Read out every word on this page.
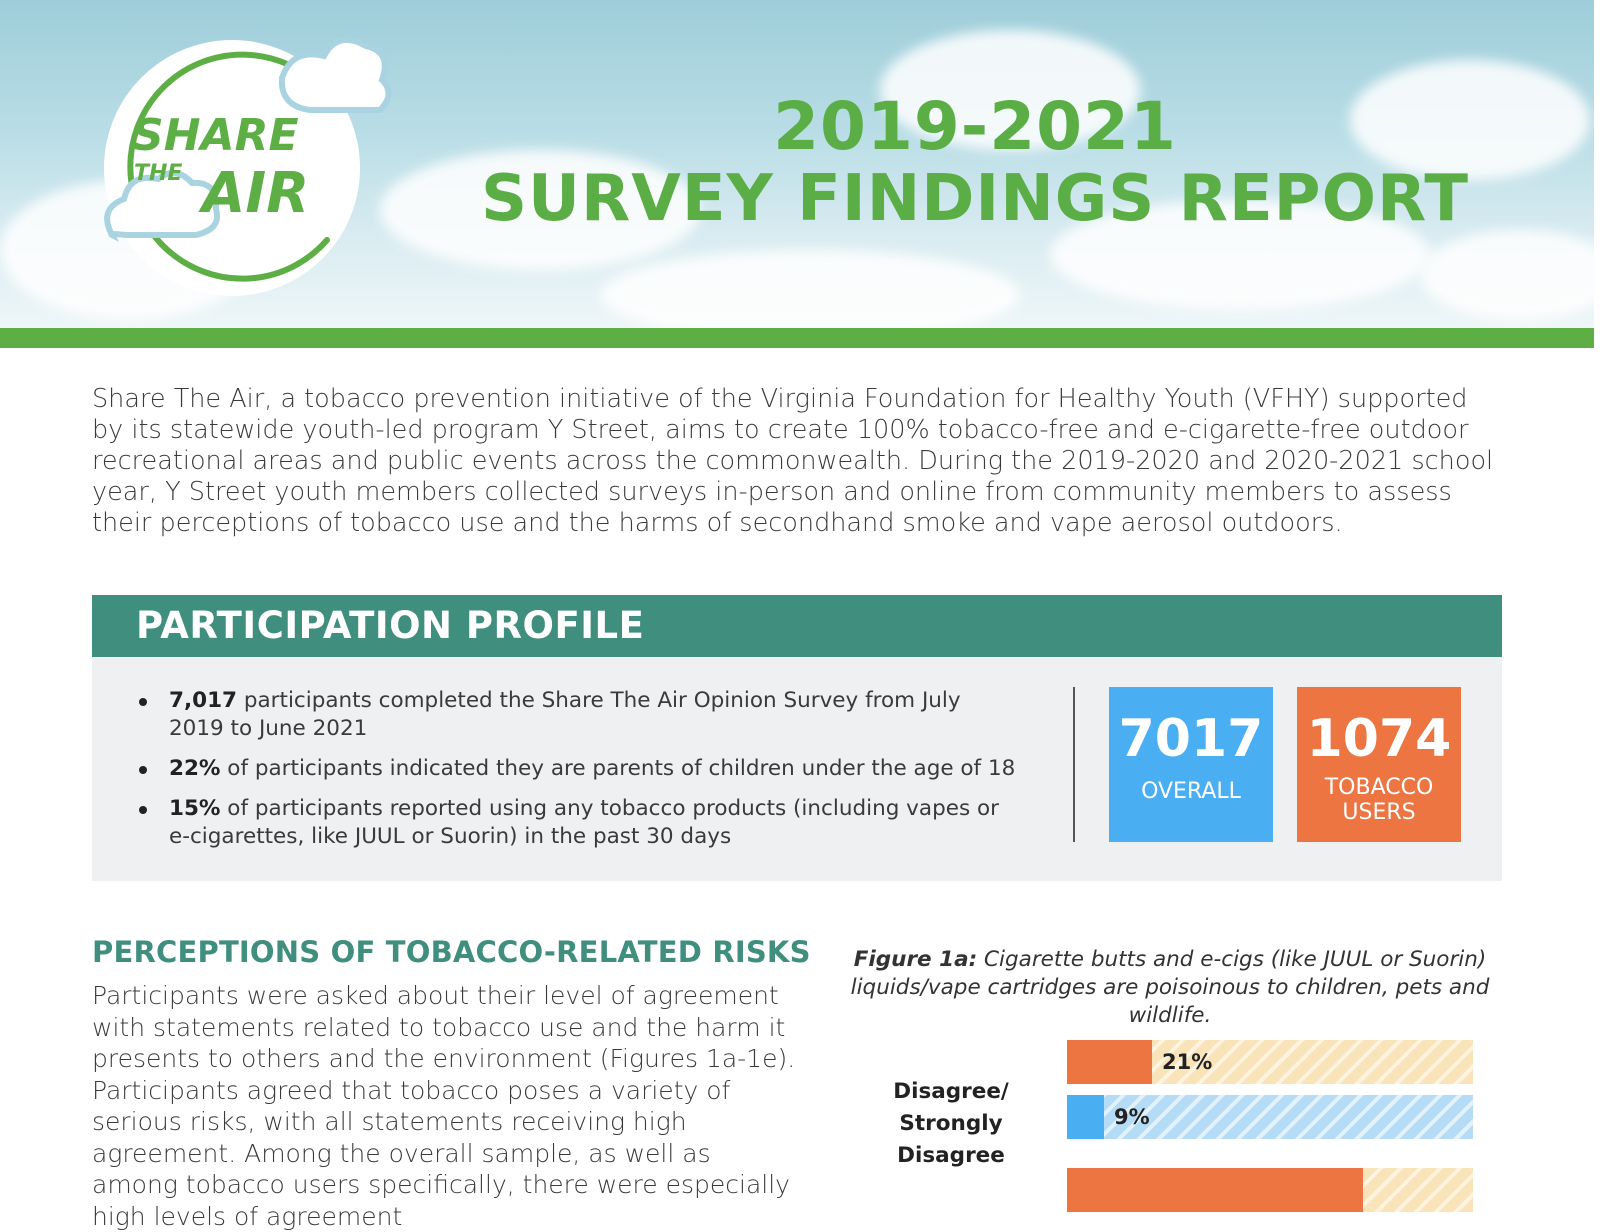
SHARE
THE AIR
2019-2021
SURVEY FINDINGS REPORT

Share The Air, a tobacco prevention initiative of the Virginia Foundation for Healthy Youth (VFHY) supported by its statewide youth-led program Y Street, aims to create 100% tobacco-free and e-cigarette-free outdoor recreational areas and public events across the commonwealth. During the 2019-2020 and 2020-2021 school year, Y Street youth members collected surveys in-person and online from community members to assess their perceptions of tobacco use and the harms of secondhand smoke and vape aerosol outdoors.

PARTICIPATION PROFILE
7,017 participants completed the Share The Air Opinion Survey from July 2019 to June 2021
22% of participants indicated they are parents of children under the age of 18
15% of participants reported using any tobacco products (including vapes or e-cigarettes, like JUUL or Suorin) in the past 30 days
7017
OVERALL
1074
TOBACCO
USERS
PERCEPTIONS OF TOBACCO-RELATED RISKS

Participants were asked about their level of agreement with statements related to tobacco use and the harm it presents to others and the environment (Figures 1a-1e). Participants agreed that tobacco poses a variety of serious risks, with all statements receiving high agreement. Among the overall sample, as well as among tobacco users specifically, there were especially high levels of agreement

Figure 1a: Cigarette butts and e-cigs (like JUUL or Suorin) liquids/vape cartridges are poisoinous to children, pets and wildlife.

Disagree/
Strongly Disagree
21%
9%
